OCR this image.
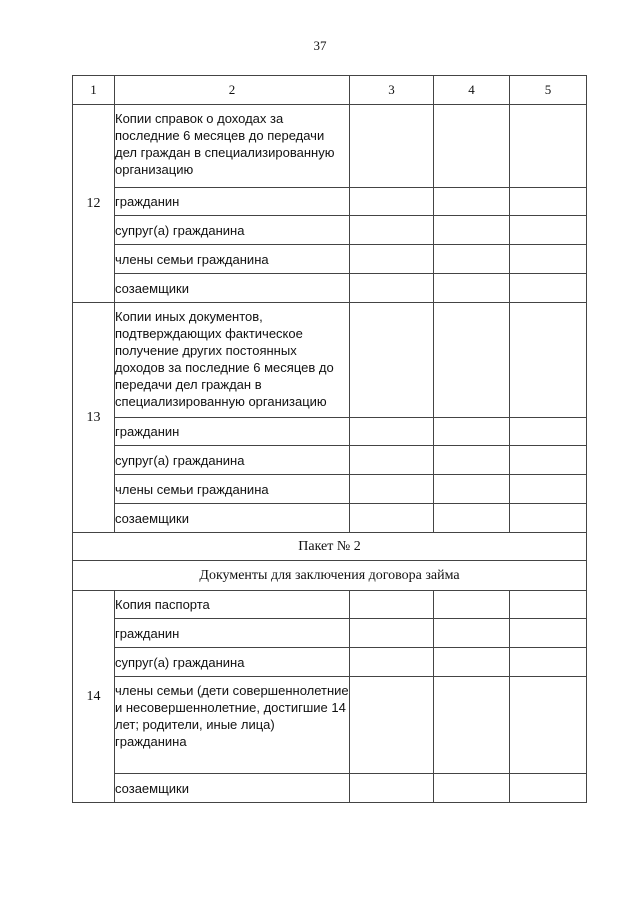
37
1	2	3	4	5
12	Копии справок о доходах за последние 6 месяцев до передачи дел граждан в специализированную организацию			
	гражданин			
	супруг(а) гражданина			
	члены семьи гражданина			
	созаемщики			
13	Копии иных документов, подтверждающих фактическое получение других постоянных доходов за последние 6 месяцев до передачи дел граждан в специализированную организацию			
	гражданин			
	супруг(а) гражданина			
	члены семьи гражданина			
	созаемщики			
Пакет № 2				
Документы для заключения договора займа				
14	Копия паспорта			
	гражданин			
	супруг(а) гражданина			
	члены семьи (дети совершеннолетние и несовершеннолетние, достигшие 14 лет; родители, иные лица) гражданина			
	созаемщики			
